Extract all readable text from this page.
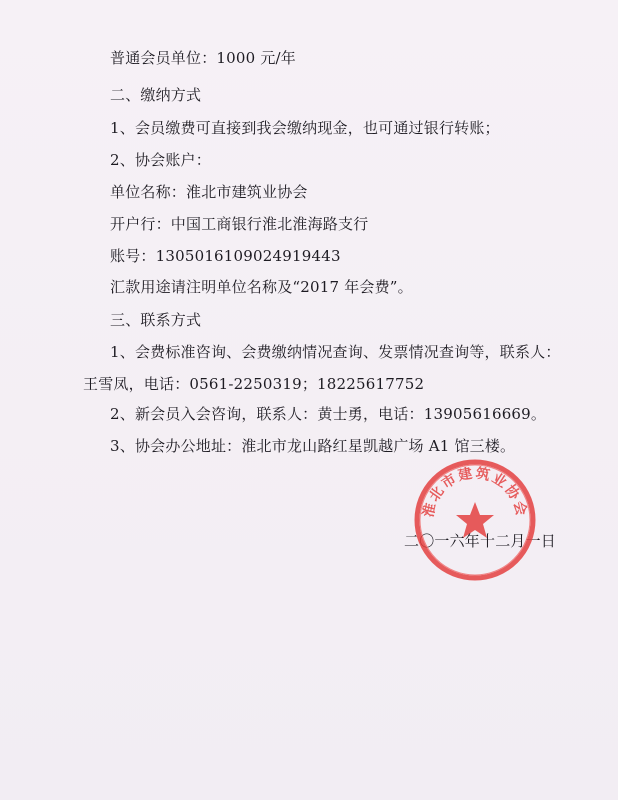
普通会员单位：1000 元/年
二、缴纳方式
1、会员缴费可直接到我会缴纳现金，也可通过银行转账；
2、协会账户：
单位名称：淮北市建筑业协会
开户行：中国工商银行淮北淮海路支行
账号：1305016109024919443
汇款用途请注明单位名称及“2017 年会费”。
三、联系方式
1、会费标准咨询、会费缴纳情况查询、发票情况查询等，联系人：
王雪凤，电话：0561-2250319；18225617752
2、新会员入会咨询，联系人：黄士勇，电话：13905616669。
3、协会办公地址：淮北市龙山路红星凯越广场 A1 馆三楼。
二〇一六年十二月一日
淮北市建筑业协会
